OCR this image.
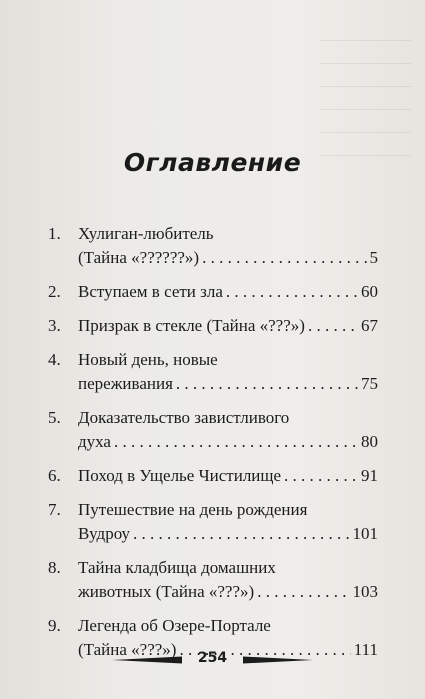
Оглавление
1.	Хулиган-любитель
(Тайна «??????») . . .	5
2.	Вступаем в сети зла . . .	60
3.	Призрак в стекле (Тайна «???») . . .	67
4.	Новый день, новые
переживания . . .	75
5.	Доказательство завистливого
духа . . .	80
6.	Поход в Ущелье Чистилище . . .	91
7.	Путешествие на день рождения
Вудроу . . .	101
8.	Тайна кладбища домашних
животных (Тайна «???») . . .	103
9.	Легенда об Озере-Портале
(Тайна «???») . . .	111
254
